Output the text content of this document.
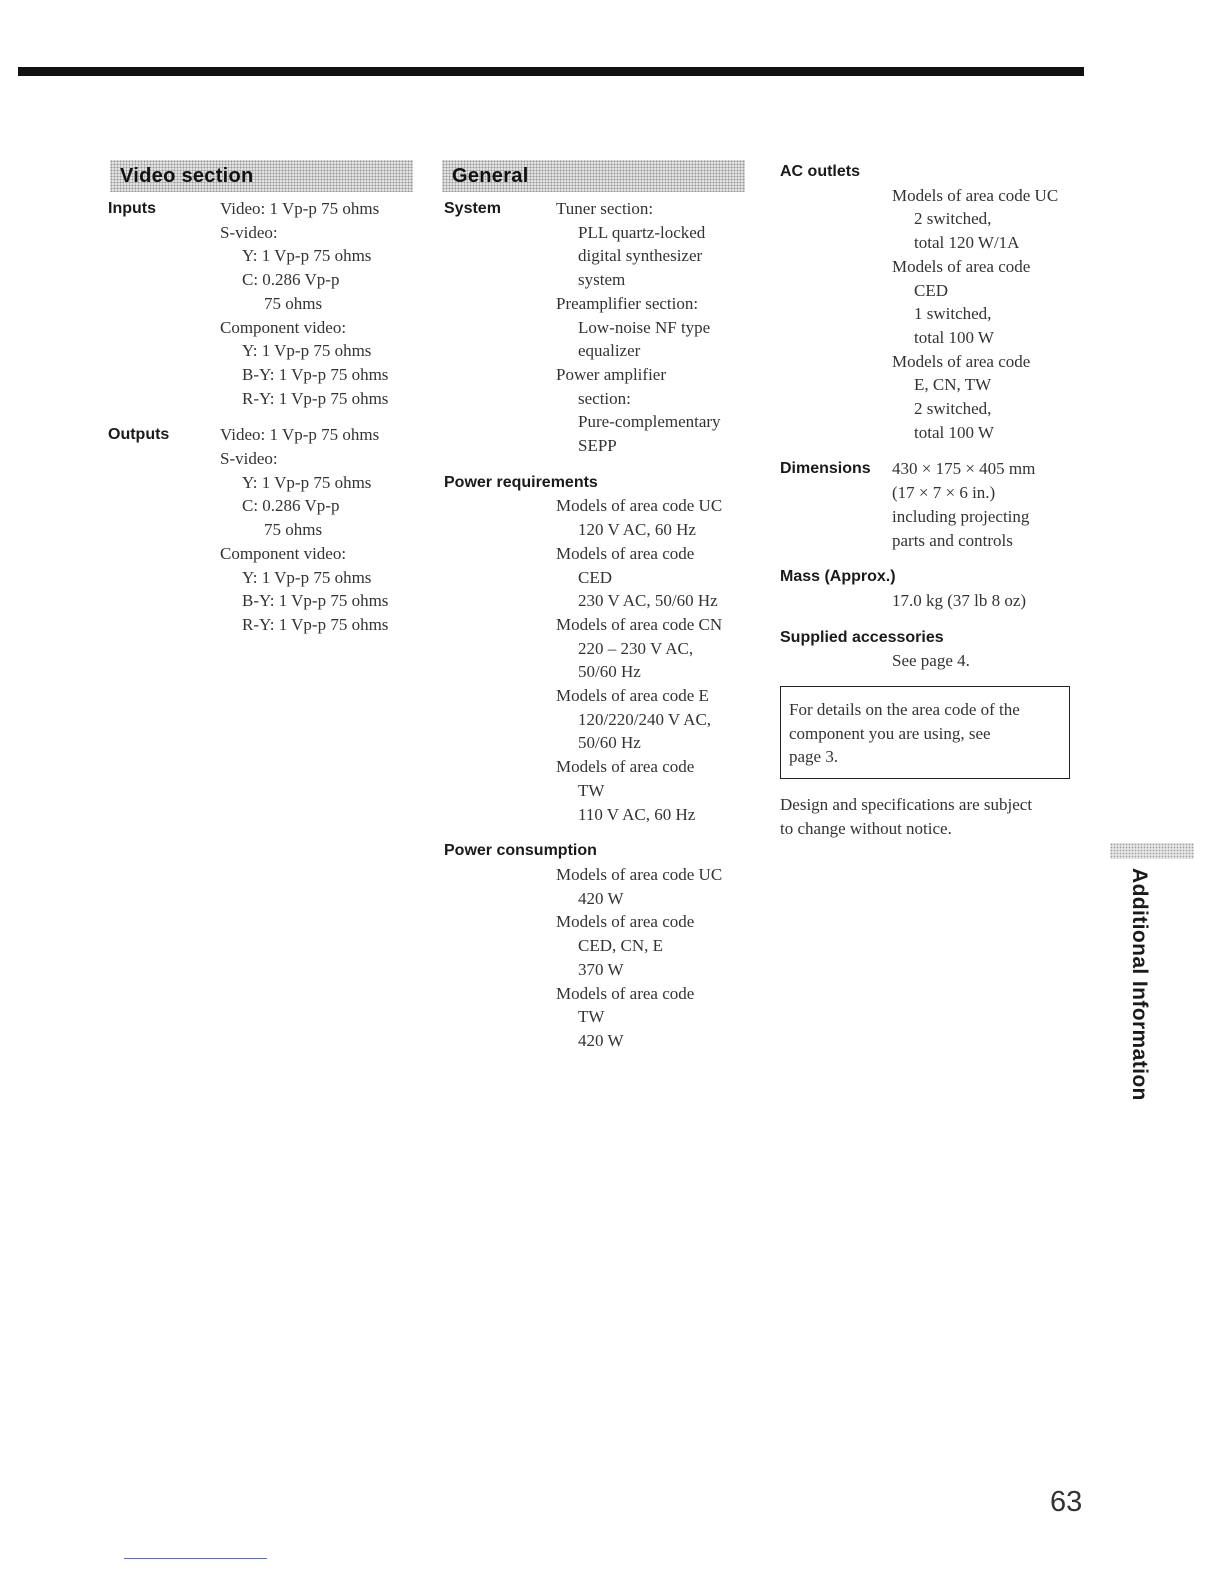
Video section
Inputs	Video: 1 Vp-p 75 ohms
S-video:
Y: 1 Vp-p 75 ohms
C: 0.286 Vp-p
75 ohms
Component video:
Y: 1 Vp-p 75 ohms
B-Y: 1 Vp-p 75 ohms
R-Y: 1 Vp-p 75 ohms
Outputs	Video: 1 Vp-p 75 ohms
S-video:
Y: 1 Vp-p 75 ohms
C: 0.286 Vp-p
75 ohms
Component video:
Y: 1 Vp-p 75 ohms
B-Y: 1 Vp-p 75 ohms
R-Y: 1 Vp-p 75 ohms
General
System	Tuner section:
PLL quartz-locked
digital synthesizer
system
Preamplifier section:
Low-noise NF type
equalizer
Power amplifier
section:
Pure-complementary
SEPP
Power requirements
Models of area code UC
120 V AC, 60 Hz
Models of area code
CED
230 V AC, 50/60 Hz
Models of area code CN
220 – 230 V AC,
50/60 Hz
Models of area code E
120/220/240 V AC,
50/60 Hz
Models of area code
TW
110 V AC, 60 Hz
Power consumption
Models of area code UC
420 W
Models of area code
CED, CN, E
370 W
Models of area code
TW
420 W
AC outlets
Models of area code UC
2 switched,
total 120 W/1A
Models of area code
CED
1 switched,
total 100 W
Models of area code
E, CN, TW
2 switched,
total 100 W
Dimensions	430 × 175 × 405 mm
(17 × 7 × 6 in.)
including projecting
parts and controls
Mass (Approx.)
17.0 kg (37 lb 8 oz)
Supplied accessories
See page 4.
For details on the area code of the
component you are using, see
page 3.
Design and specifications are subject
to change without notice.
Additional Information
63
